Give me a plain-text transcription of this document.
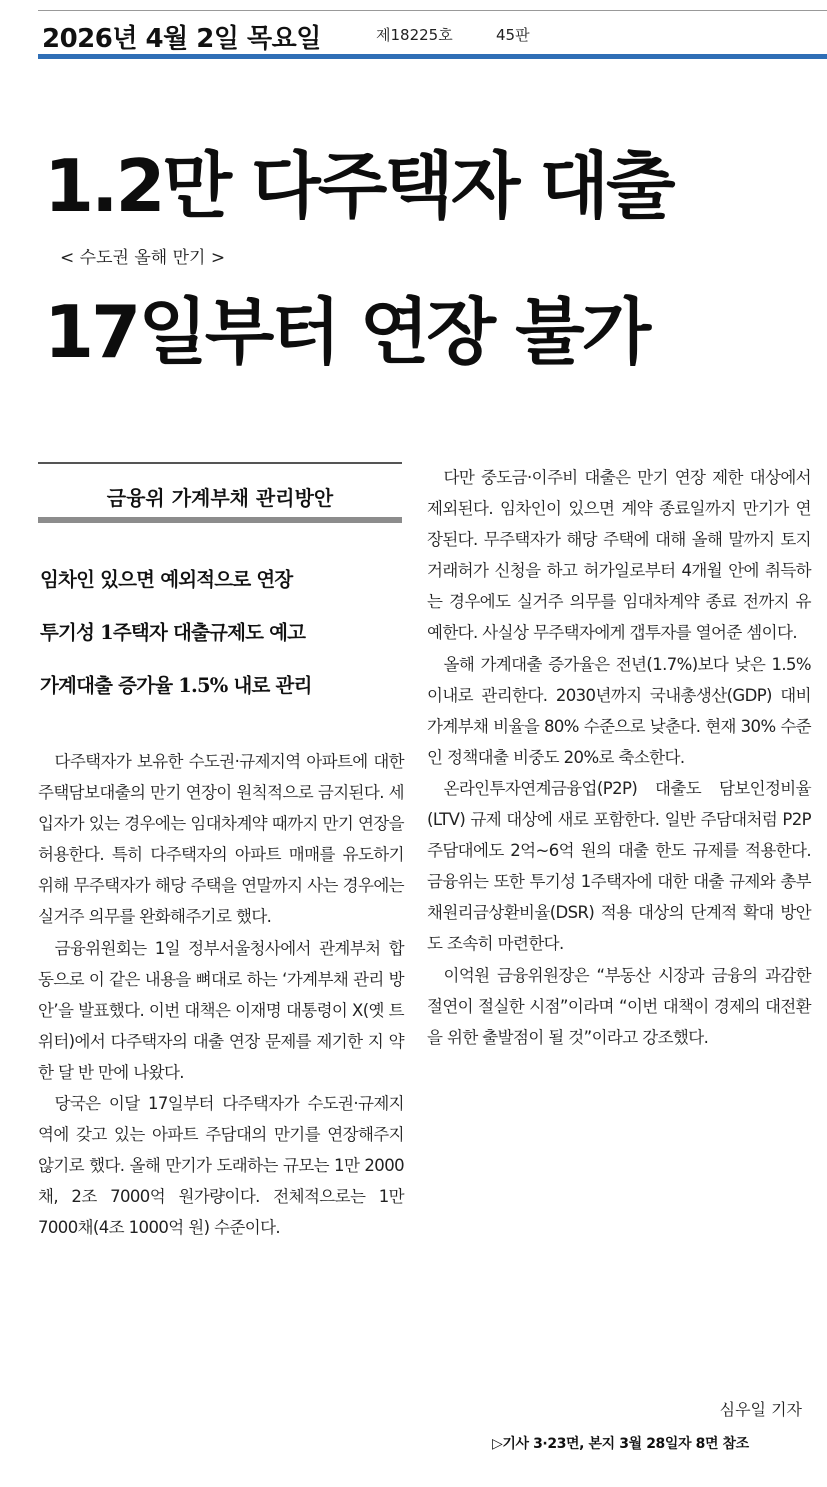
2026년 4월 2일 목요일	제18225호	45판
1.2만 다주택자 대출
< 수도권 올해 만기 >
17일부터 연장 불가
금융위 가계부채 관리방안
임차인 있으면 예외적으로 연장
투기성 1주택자 대출규제도 예고
가계대출 증가율 1.5% 내로 관리

다주택자가 보유한 수도권·규제지역 아파트에 대한 주택담보대출의 만기 연장이 원칙적으로 금지된다. 세입자가 있는 경우에는 임대차계약 때까지 만기 연장을 허용한다. 특히 다주택자의 아파트 매매를 유도하기 위해 무주택자가 해당 주택을 연말까지 사는 경우에는 실거주 의무를 완화해주기로 했다.

금융위원회는 1일 정부서울청사에서 관계부처 합동으로 이 같은 내용을 뼈대로 하는 ‘가계부채 관리 방안’을 발표했다. 이번 대책은 이재명 대통령이 X(옛 트위터)에서 다주택자의 대출 연장 문제를 제기한 지 약 한 달 반 만에 나왔다.

당국은 이달 17일부터 다주택자가 수도권·규제지역에 갖고 있는 아파트 주담대의 만기를 연장해주지 않기로 했다. 올해 만기가 도래하는 규모는 1만 2000채, 2조 7000억 원가량이다. 전체적으로는 1만 7000채(4조 1000억 원) 수준이다.

다만 중도금·이주비 대출은 만기 연장 제한 대상에서 제외된다. 임차인이 있으면 계약 종료일까지 만기가 연장된다. 무주택자가 해당 주택에 대해 올해 말까지 토지거래허가 신청을 하고 허가일로부터 4개월 안에 취득하는 경우에도 실거주 의무를 임대차계약 종료 전까지 유예한다. 사실상 무주택자에게 갭투자를 열어준 셈이다.

올해 가계대출 증가율은 전년(1.7%)보다 낮은 1.5% 이내로 관리한다. 2030년까지 국내총생산(GDP) 대비 가계부채 비율을 80% 수준으로 낮춘다. 현재 30% 수준인 정책대출 비중도 20%로 축소한다.

온라인투자연계금융업(P2P) 대출도 담보인정비율(LTV) 규제 대상에 새로 포함한다. 일반 주담대처럼 P2P 주담대에도 2억~6억 원의 대출 한도 규제를 적용한다. 금융위는 또한 투기성 1주택자에 대한 대출 규제와 총부채원리금상환비율(DSR) 적용 대상의 단계적 확대 방안도 조속히 마련한다.

이억원 금융위원장은 “부동산 시장과 금융의 과감한 절연이 절실한 시점”이라며 “이번 대책이 경제의 대전환을 위한 출발점이 될 것”이라고 강조했다.

심우일 기자
▷기사 3·23면, 본지 3월 28일자 8면 참조
